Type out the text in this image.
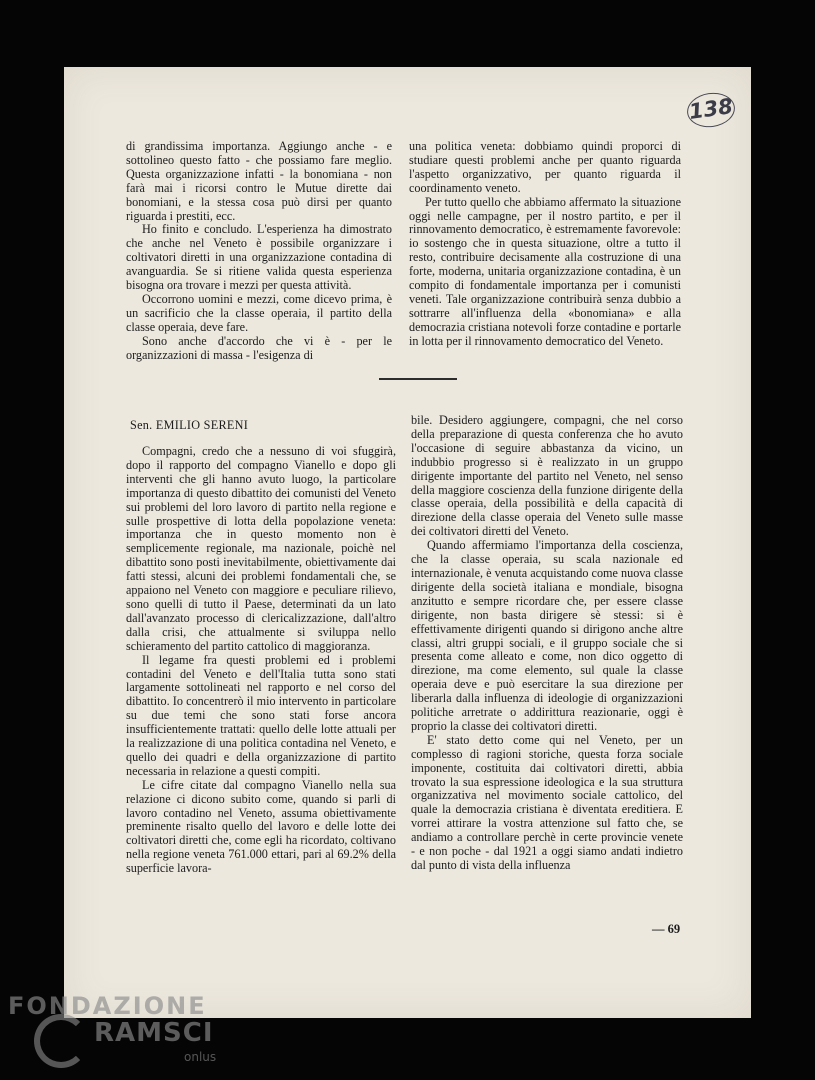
138

di grandissima importanza. Aggiungo anche - e sottolineo questo fatto - che possiamo fare meglio. Questa organizzazione infatti - la bonomiana - non farà mai i ricorsi contro le Mutue dirette dai bonomiani, e la stessa cosa può dirsi per quanto riguarda i prestiti, ecc.

Ho finito e concludo. L'esperienza ha dimostrato che anche nel Veneto è possibile organizzare i coltivatori diretti in una organizzazione contadina di avanguardia. Se si ritiene valida questa esperienza bisogna ora trovare i mezzi per questa attività.

Occorrono uomini e mezzi, come dicevo prima, è un sacrificio che la classe operaia, il partito della classe operaia, deve fare.

Sono anche d'accordo che vi è - per le organizzazioni di massa - l'esigenza di

una politica veneta: dobbiamo quindi proporci di studiare questi problemi anche per quanto riguarda l'aspetto organizzativo, per quanto riguarda il coordinamento veneto.

Per tutto quello che abbiamo affermato la situazione oggi nelle campagne, per il nostro partito, e per il rinnovamento democratico, è estremamente favorevole: io sostengo che in questa situazione, oltre a tutto il resto, contribuire decisamente alla costruzione di una forte, moderna, unitaria organizzazione contadina, è un compito di fondamentale importanza per i comunisti veneti. Tale organizzazione contribuirà senza dubbio a sottrarre all'influenza della «bonomiana» e alla democrazia cristiana notevoli forze contadine e portarle in lotta per il rinnovamento democratico del Veneto.

Sen. EMILIO SERENI

Compagni, credo che a nessuno di voi sfuggirà, dopo il rapporto del compagno Vianello e dopo gli interventi che gli hanno avuto luogo, la particolare importanza di questo dibattito dei comunisti del Veneto sui problemi del loro lavoro di partito nella regione e sulle prospettive di lotta della popolazione veneta: importanza che in questo momento non è semplicemente regionale, ma nazionale, poichè nel dibattito sono posti inevitabilmente, obiettivamente dai fatti stessi, alcuni dei problemi fondamentali che, se appaiono nel Veneto con maggiore e peculiare rilievo, sono quelli di tutto il Paese, determinati da un lato dall'avanzato processo di clericalizzazione, dall'altro dalla crisi, che attualmente si sviluppa nello schieramento del partito cattolico di maggioranza.

Il legame fra questi problemi ed i problemi contadini del Veneto e dell'Italia tutta sono stati largamente sottolineati nel rapporto e nel corso del dibattito. Io concentrerò il mio intervento in particolare su due temi che sono stati forse ancora insufficientemente trattati: quello delle lotte attuali per la realizzazione di una politica contadina nel Veneto, e quello dei quadri e della organizzazione di partito necessaria in relazione a questi compiti.

Le cifre citate dal compagno Vianello nella sua relazione ci dicono subito come, quando si parli di lavoro contadino nel Veneto, assuma obiettivamente preminente risalto quello del lavoro e delle lotte dei coltivatori diretti che, come egli ha ricordato, coltivano nella regione veneta 761.000 ettari, pari al 69.2% della superficie lavora-

bile. Desidero aggiungere, compagni, che nel corso della preparazione di questa conferenza che ho avuto l'occasione di seguire abbastanza da vicino, un indubbio progresso si è realizzato in un gruppo dirigente importante del partito nel Veneto, nel senso della maggiore coscienza della funzione dirigente della classe operaia, della possibilità e della capacità di direzione della classe operaia del Veneto sulle masse dei coltivatori diretti del Veneto.

Quando affermiamo l'importanza della coscienza, che la classe operaia, su scala nazionale ed internazionale, è venuta acquistando come nuova classe dirigente della società italiana e mondiale, bisogna anzitutto e sempre ricordare che, per essere classe dirigente, non basta dirigere sè stessi: si è effettivamente dirigenti quando si dirigono anche altre classi, altri gruppi sociali, e il gruppo sociale che si presenta come alleato e come, non dico oggetto di direzione, ma come elemento, sul quale la classe operaia deve e può esercitare la sua direzione per liberarla dalla influenza di ideologie di organizzazioni politiche arretrate o addirittura reazionarie, oggi è proprio la classe dei coltivatori diretti.

E' stato detto come qui nel Veneto, per un complesso di ragioni storiche, questa forza sociale imponente, costituita dai coltivatori diretti, abbia trovato la sua espressione ideologica e la sua struttura organizzativa nel movimento sociale cattolico, del quale la democrazia cristiana è diventata ereditiera. E vorrei attirare la vostra attenzione sul fatto che, se andiamo a controllare perchè in certe provincie venete - e non poche - dal 1921 a oggi siamo andati indietro dal punto di vista della influenza

— 69
FONDAZIONE
RAMSCI
onlus
